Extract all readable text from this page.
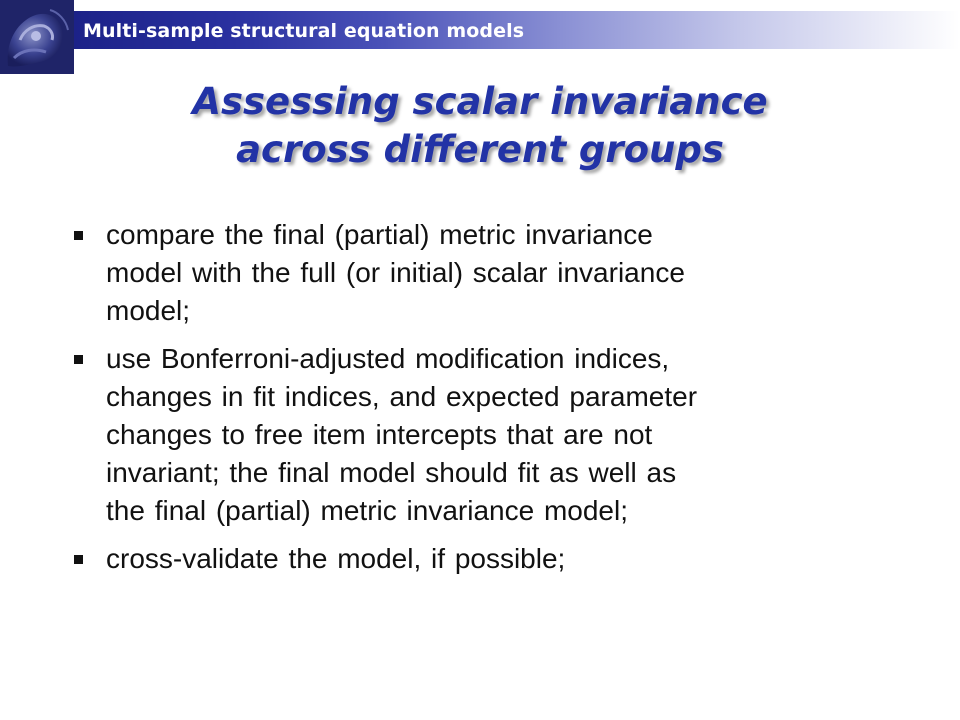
Multi-sample structural equation models
Assessing scalar invariance
across different groups
compare the final (partial) metric invariance
model with the full (or initial) scalar invariance
model;
use Bonferroni-adjusted modification indices,
changes in fit indices, and expected parameter
changes to free item intercepts that are not
invariant; the final model should fit as well as
the final (partial) metric invariance model;
cross-validate the model, if possible;
